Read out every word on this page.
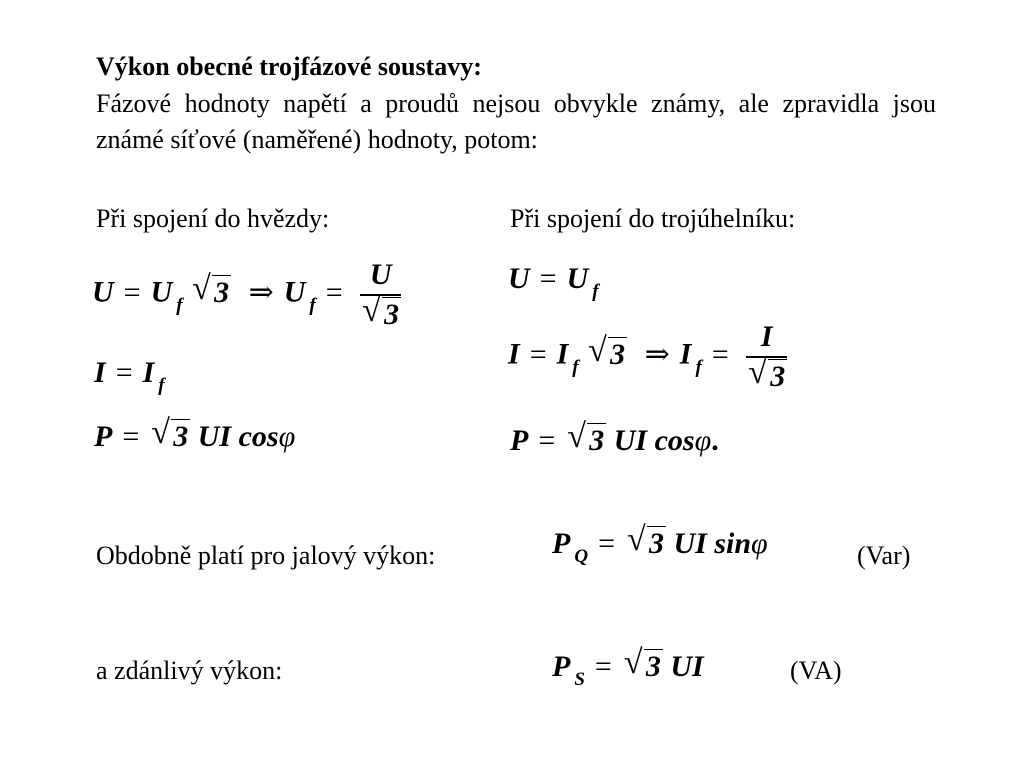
Výkon obecné trojfázové soustavy:
Fázové hodnoty napětí a proudů nejsou obvykle známy, ale zpravidla jsou známé síťové (naměřené) hodnoty, potom:
Při spojení do hvězdy:
U = U $_f$ √ 3 ⇒ U $_f = \frac{U}{√ 3}$
I = I $_f$
P = √ 3 UI cosφ
Při spojení do trojúhelníku:
U = U $_f$
I = I $_f$ √ 3 ⇒ I $_f = \frac{I}{√ 3}$
P = √ 3 UI cosφ.
Obdobně platí pro jalový výkon:	P $_Q$ = √ 3 UI sinφ	(Var)
a zdánlivý výkon:	P $_S$ = √ 3 UI	(VA)
